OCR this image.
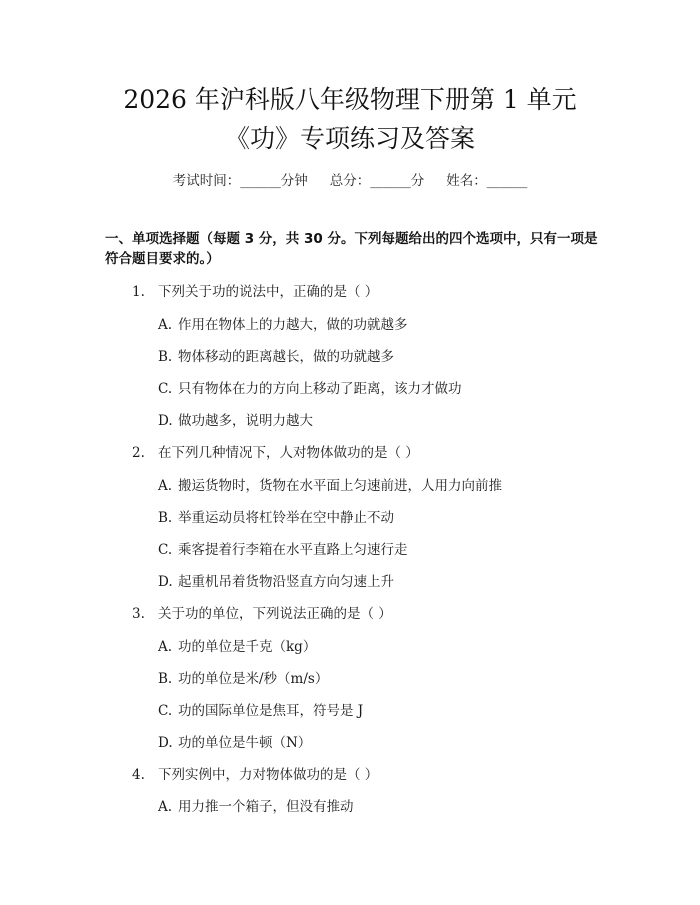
2026 年沪科版八年级物理下册第 1 单元
《功》专项练习及答案
考试时间：______分钟 总分：______分 姓名：______
一、单项选择题（每题 3 分，共 30 分。下列每题给出的四个选项中，只有一项是符合题目要求的。）
1. 下列关于功的说法中，正确的是（ ）
A. 作用在物体上的力越大，做的功就越多
B. 物体移动的距离越长，做的功就越多
C. 只有物体在力的方向上移动了距离，该力才做功
D. 做功越多，说明力越大
2. 在下列几种情况下，人对物体做功的是（ ）
A. 搬运货物时，货物在水平面上匀速前进，人用力向前推
B. 举重运动员将杠铃举在空中静止不动
C. 乘客提着行李箱在水平直路上匀速行走
D. 起重机吊着货物沿竖直方向匀速上升
3. 关于功的单位，下列说法正确的是（ ）
A. 功的单位是千克（kg）
B. 功的单位是米/秒（m/s）
C. 功的国际单位是焦耳，符号是 J
D. 功的单位是牛顿（N）
4. 下列实例中，力对物体做功的是（ ）
A. 用力推一个箱子，但没有推动
